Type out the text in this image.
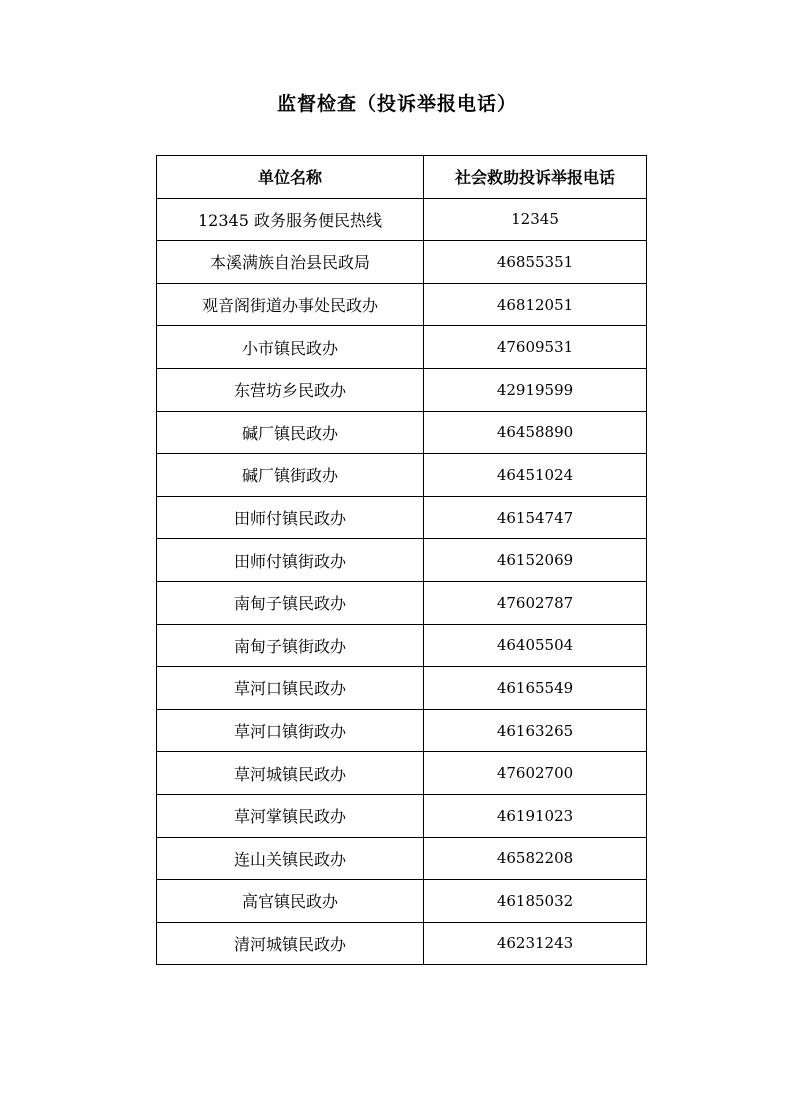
监督检查（投诉举报电话）
单位名称	社会救助投诉举报电话
12345 政务服务便民热线	12345
本溪满族自治县民政局	46855351
观音阁街道办事处民政办	46812051
小市镇民政办	47609531
东营坊乡民政办	42919599
碱厂镇民政办	46458890
碱厂镇街政办	46451024
田师付镇民政办	46154747
田师付镇街政办	46152069
南甸子镇民政办	47602787
南甸子镇街政办	46405504
草河口镇民政办	46165549
草河口镇街政办	46163265
草河城镇民政办	47602700
草河掌镇民政办	46191023
连山关镇民政办	46582208
高官镇民政办	46185032
清河城镇民政办	46231243
